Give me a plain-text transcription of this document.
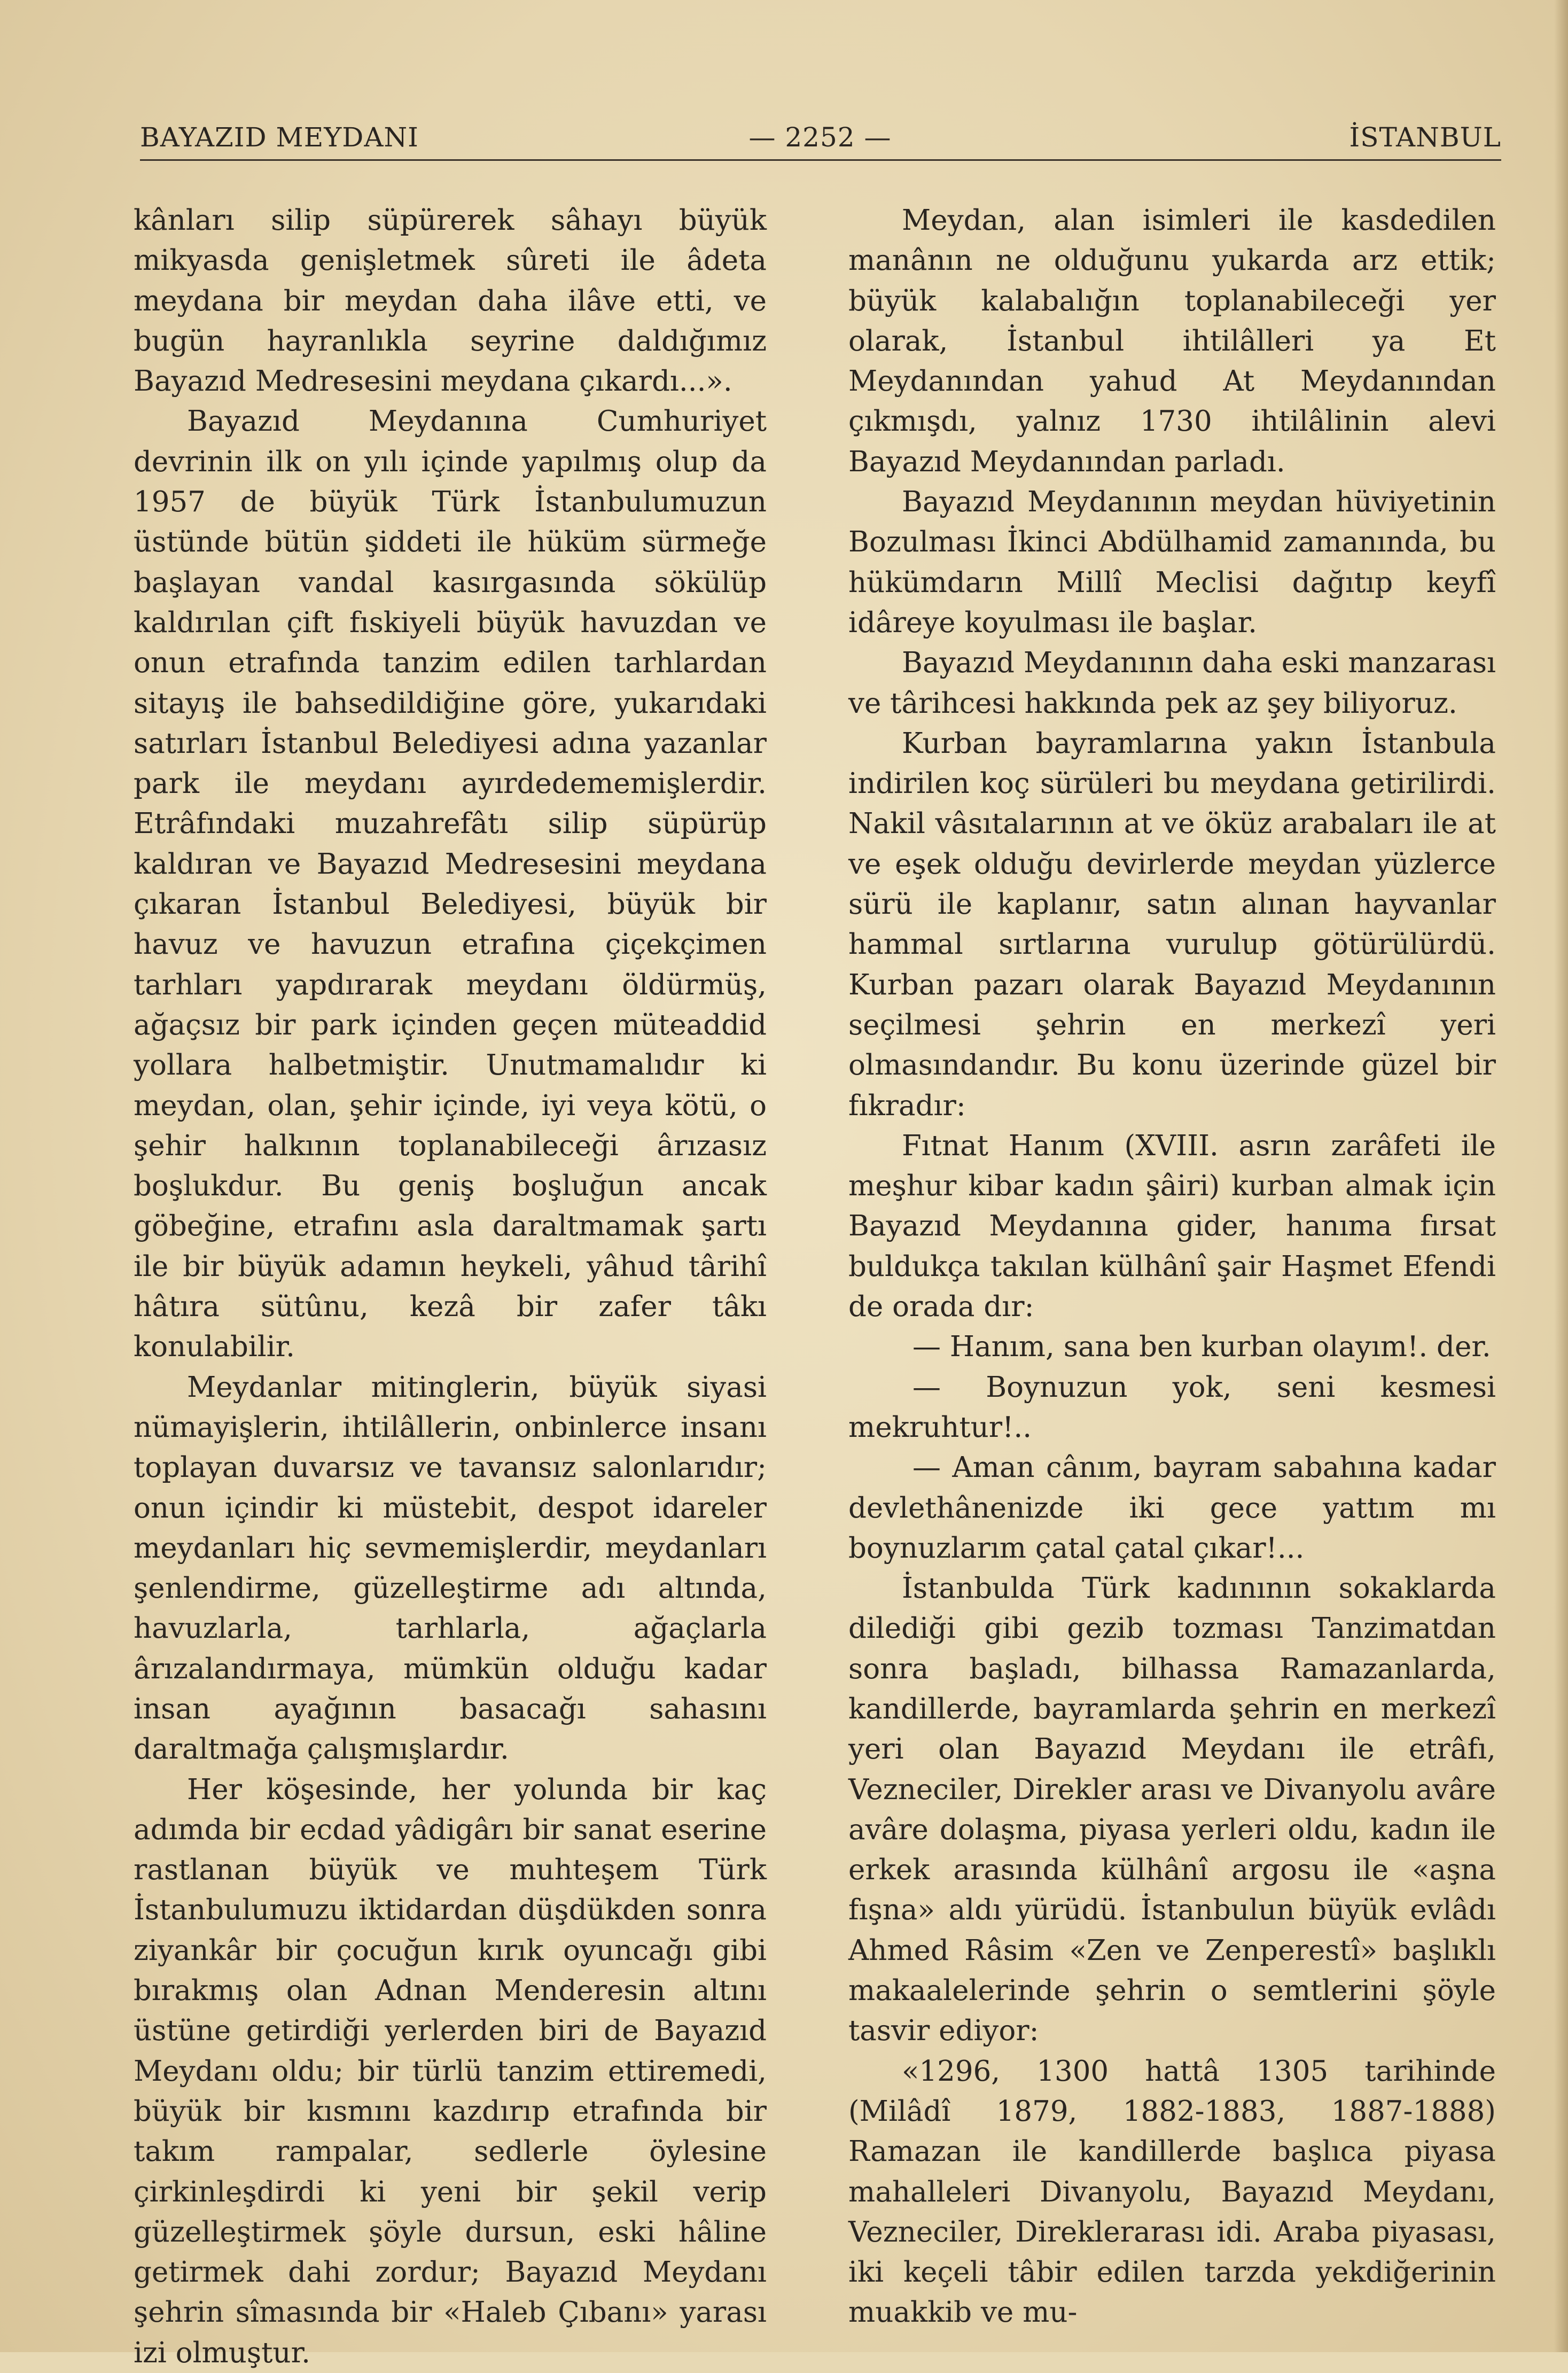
BAYAZID MEYDANI	— 2252 —	İSTANBUL

kânları silip süpürerek sâhayı büyük mikyasda genişletmek sûreti ile âdeta meydana bir meydan daha ilâve etti, ve bugün hayranlıkla seyrine daldığımız Bayazıd Medresesini meydana çıkardı...».

Bayazıd Meydanına Cumhuriyet devrinin ilk on yılı içinde yapılmış olup da 1957 de büyük Türk İstanbulumuzun üstünde bütün şiddeti ile hüküm sürmeğe başlayan vandal kasırgasında sökülüp kaldırılan çift fıskiyeli büyük havuzdan ve onun etrafında tanzim edilen tarhlardan sitayış ile bahsedildiğine göre, yukarıdaki satırları İstanbul Belediyesi adına yazanlar park ile meydanı ayırdedememişlerdir. Etrâfındaki muzahrefâtı silip süpürüp kaldıran ve Bayazıd Medresesini meydana çıkaran İstanbul Belediyesi, büyük bir havuz ve havuzun etrafına çiçekçimen tarhları yapdırarak meydanı öldürmüş, ağaçsız bir park içinden geçen müteaddid yollara halbetmiştir. Unutmamalıdır ki meydan, olan, şehir içinde, iyi veya kötü, o şehir halkının toplanabileceği ârızasız boşlukdur. Bu geniş boşluğun ancak göbeğine, etrafını asla daraltmamak şartı ile bir büyük adamın heykeli, yâhud târihî hâtıra sütûnu, kezâ bir zafer tâkı konulabilir.

Meydanlar mitinglerin, büyük siyasi nümayişlerin, ihtilâllerin, onbinlerce insanı toplayan duvarsız ve tavansız salonlarıdır; onun içindir ki müstebit, despot idareler meydanları hiç sevmemişlerdir, meydanları şenlendirme, güzelleştirme adı altında, havuzlarla, tarhlarla, ağaçlarla ârızalandırmaya, mümkün olduğu kadar insan ayağının basacağı sahasını daraltmağa çalışmışlardır.

Her köşesinde, her yolunda bir kaç adımda bir ecdad yâdigârı bir sanat eserine rastlanan büyük ve muhteşem Türk İstanbulumuzu iktidardan düşdükden sonra ziyankâr bir çocuğun kırık oyuncağı gibi bırakmış olan Adnan Menderesin altını üstüne getirdiği yerlerden biri de Bayazıd Meydanı oldu; bir türlü tanzim ettiremedi, büyük bir kısmını kazdırıp etrafında bir takım rampalar, sedlerle öylesine çirkinleşdirdi ki yeni bir şekil verip güzelleştirmek şöyle dursun, eski hâline getirmek dahi zordur; Bayazıd Meydanı şehrin sîmasında bir «Haleb Çıbanı» yarası izi olmuştur.

Meydan, alan isimleri ile kasdedilen manânın ne olduğunu yukarda arz ettik; büyük kalabalığın toplanabileceği yer olarak, İstanbul ihtilâlleri ya Et Meydanından yahud At Meydanından çıkmışdı, yalnız 1730 ihtilâlinin alevi Bayazıd Meydanından parladı.

Bayazıd Meydanının meydan hüviyetinin Bozulması İkinci Abdülhamid zamanında, bu hükümdarın Millî Meclisi dağıtıp keyfî idâreye koyulması ile başlar.

Bayazıd Meydanının daha eski manzarası ve târihcesi hakkında pek az şey biliyoruz.

Kurban bayramlarına yakın İstanbula indirilen koç sürüleri bu meydana getirilirdi. Nakil vâsıtalarının at ve öküz arabaları ile at ve eşek olduğu devirlerde meydan yüzlerce sürü ile kaplanır, satın alınan hayvanlar hammal sırtlarına vurulup götürülürdü. Kurban pazarı olarak Bayazıd Meydanının seçilmesi şehrin en merkezî yeri olmasındandır. Bu konu üzerinde güzel bir fıkradır:

Fıtnat Hanım (XVIII. asrın zarâfeti ile meşhur kibar kadın şâiri) kurban almak için Bayazıd Meydanına gider, hanıma fırsat buldukça takılan külhânî şair Haşmet Efendi de orada dır:

— Hanım, sana ben kurban olayım!. der.

— Boynuzun yok, seni kesmesi mekruhtur!..

— Aman cânım, bayram sabahına kadar devlethânenizde iki gece yattım mı boynuzlarım çatal çatal çıkar!...

İstanbulda Türk kadınının sokaklarda dilediği gibi gezib tozması Tanzimatdan sonra başladı, bilhassa Ramazanlarda, kandillerde, bayramlarda şehrin en merkezî yeri olan Bayazıd Meydanı ile etrâfı, Vezneciler, Direkler arası ve Divanyolu avâre avâre dolaşma, piyasa yerleri oldu, kadın ile erkek arasında külhânî argosu ile «aşna fışna» aldı yürüdü. İstanbulun büyük evlâdı Ahmed Râsim «Zen ve Zenperestî» başlıklı makaalelerinde şehrin o semtlerini şöyle tasvir ediyor:

«1296, 1300 hattâ 1305 tarihinde (Milâdî 1879, 1882-1883, 1887-1888) Ramazan ile kandillerde başlıca piyasa mahalleleri Divanyolu, Bayazıd Meydanı, Vezneciler, Direklerarası idi. Araba piyasası, iki keçeli tâbir edilen tarzda yekdiğerinin muakkib ve mu-
